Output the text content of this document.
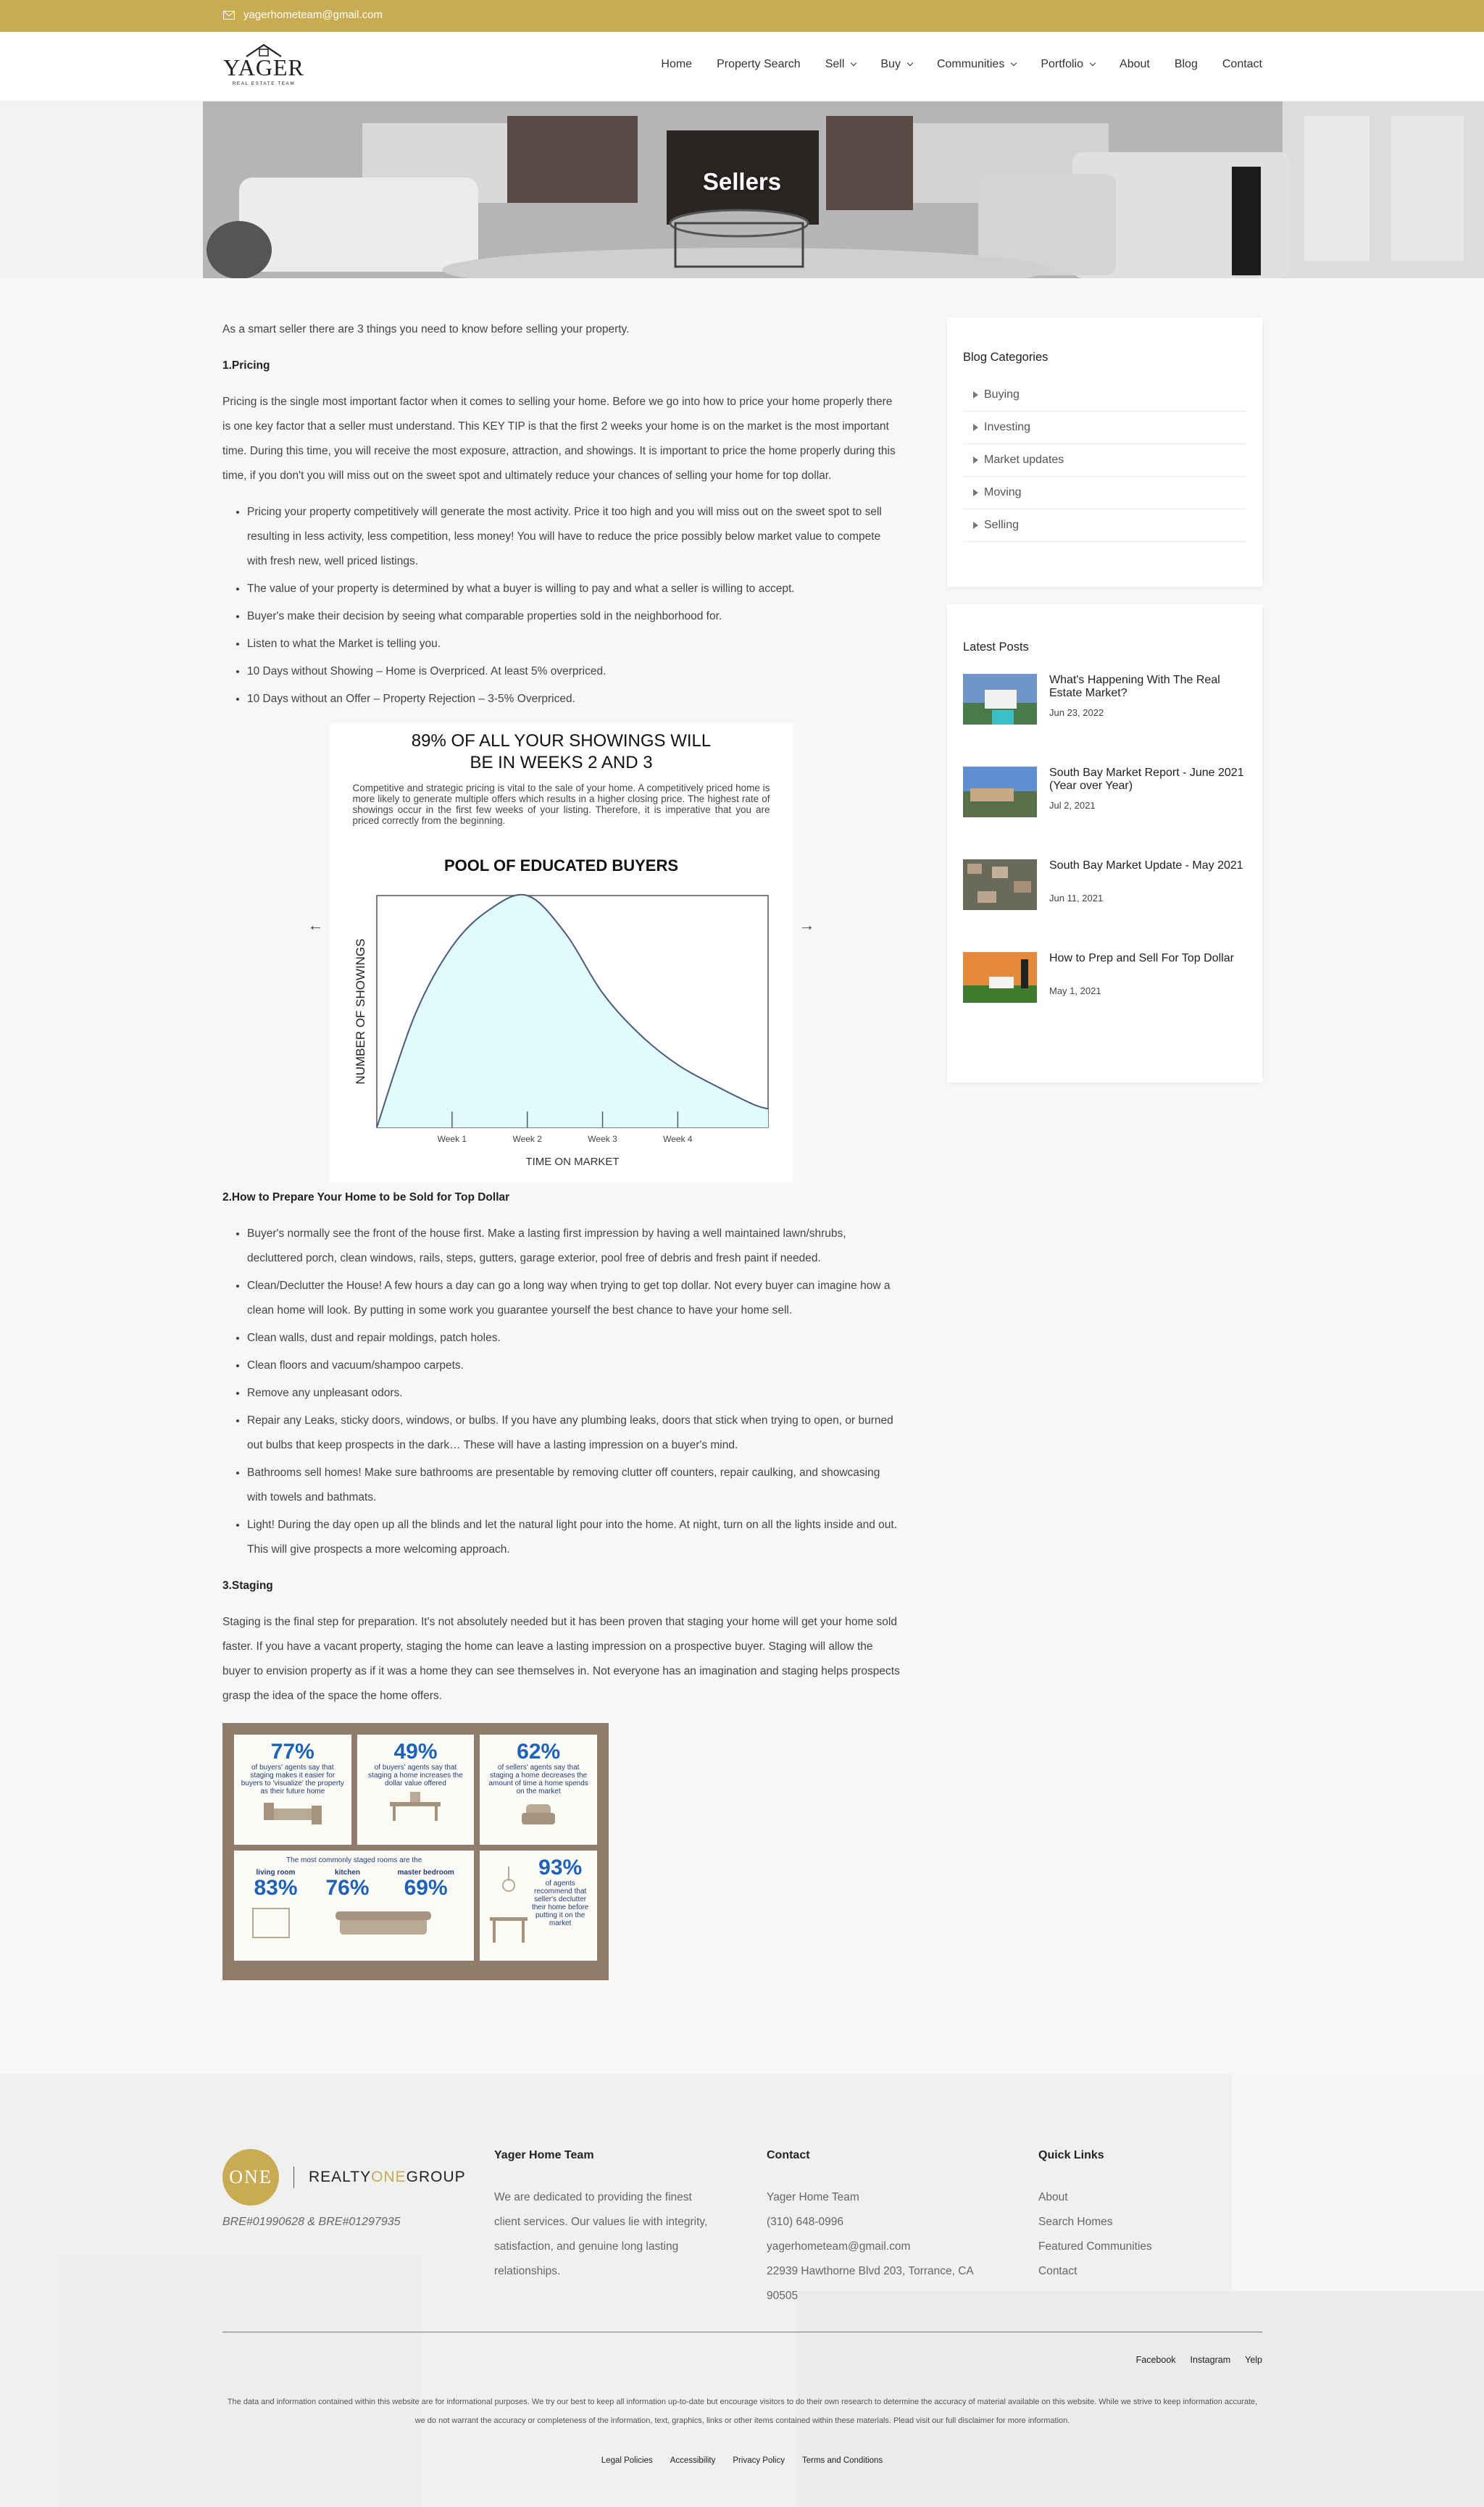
yagerhometeam@gmail.com
YAGER
REAL ESTATE TEAM
Home Property Search Sell	Buy	Communities	Portfolio	About Blog Contact
Sellers

As a smart seller there are 3 things you need to know before selling your property.

1.Pricing

Pricing is the single most important factor when it comes to selling your home. Before we go into how to price your home properly there is one key factor that a seller must understand. This KEY TIP is that the first 2 weeks your home is on the market is the most important time. During this time, you will receive the most exposure, attraction, and showings. It is important to price the home properly during this time, if you don't you will miss out on the sweet spot and ultimately reduce your chances of selling your home for top dollar.

• Pricing your property competitively will generate the most activity. Price it too high and you will miss out on the sweet spot to sell resulting in less activity, less competition, less money! You will have to reduce the price possibly below market value to compete with fresh new, well priced listings.
• The value of your property is determined by what a buyer is willing to pay and what a seller is willing to accept.
• Buyer's make their decision by seeing what comparable properties sold in the neighborhood for.
• Listen to what the Market is telling you.
• 10 Days without Showing – Home is Overpriced. At least 5% overpriced.
• 10 Days without an Offer – Property Rejection – 3-5% Overpriced.
←	→
89% OF ALL YOUR SHOWINGS WILL
BE IN WEEKS 2 AND 3
Competitive and strategic pricing is vital to the sale of your home. A competitively priced home is more likely to generate multiple offers which results in a higher closing price. The highest rate of showings occur in the first few weeks of your listing. Therefore, it is imperative that you are priced correctly from the beginning.
POOL OF EDUCATED BUYERS
Week 1	Week 2	Week 3	Week 4
TIME ON MARKET
NUMBER OF SHOWINGS
2.How to Prepare Your Home to be Sold for Top Dollar
• Buyer's normally see the front of the house first. Make a lasting first impression by having a well maintained lawn/shrubs, decluttered porch, clean windows, rails, steps, gutters, garage exterior, pool free of debris and fresh paint if needed.
• Clean/Declutter the House! A few hours a day can go a long way when trying to get top dollar. Not every buyer can imagine how a clean home will look. By putting in some work you guarantee yourself the best chance to have your home sell.
• Clean walls, dust and repair moldings, patch holes.
• Clean floors and vacuum/shampoo carpets.
• Remove any unpleasant odors.
• Repair any Leaks, sticky doors, windows, or bulbs. If you have any plumbing leaks, doors that stick when trying to open, or burned out bulbs that keep prospects in the dark… These will have a lasting impression on a buyer's mind.
• Bathrooms sell homes! Make sure bathrooms are presentable by removing clutter off counters, repair caulking, and showcasing with towels and bathmats.
• Light! During the day open up all the blinds and let the natural light pour into the home. At night, turn on all the lights inside and out. This will give prospects a more welcoming approach.
3.Staging

Staging is the final step for preparation. It's not absolutely needed but it has been proven that staging your home will get your home sold faster. If you have a vacant property, staging the home can leave a lasting impression on a prospective buyer. Staging will allow the buyer to envision property as if it was a home they can see themselves in. Not everyone has an imagination and staging helps prospects grasp the idea of the space the home offers.

77%
of buyers' agents say that staging makes it easier for buyers to 'visualize' the property as their future home
49%
of buyers' agents say that staging a home increases the dollar value offered
62%
of sellers' agents say that staging a home decreases the amount of time a home spends on the market
The most commonly staged rooms are the
living room
83%
kitchen
76%
master bedroom
69%
93%
of agents recommend that seller's declutter their home before putting it on the market
Blog Categories
Buying
Investing
Market updates
Moving
Selling
Latest Posts
What's Happening With The Real Estate Market?
Jun 23, 2022
South Bay Market Report - June 2021 (Year over Year)
Jul 2, 2021
South Bay Market Update - May 2021
Jun 11, 2021
How to Prep and Sell For Top Dollar
May 1, 2021
ONE	REALTYONEGROUP
BRE#01990628 & BRE#01297935
Yager Home Team
We are dedicated to providing the finest client services. Our values lie with integrity, satisfaction, and genuine long lasting relationships.
Contact
Yager Home Team
(310) 648-0996
yagerhometeam@gmail.com
22939 Hawthorne Blvd 203, Torrance, CA 90505
Quick Links
About
Search Homes
Featured Communities
Contact
Facebook Instagram Yelp
The data and information contained within this website are for informational purposes. We try our best to keep all information up-to-date but encourage visitors to do their own research to determine the accuracy of material available on this website. While we strive to keep information accurate, we do not warrant the accuracy or completeness of the information, text, graphics, links or other items contained within these materials. Plead visit our full disclaimer for more information.
Legal Policies Accessibility Privacy Policy Terms and Conditions
